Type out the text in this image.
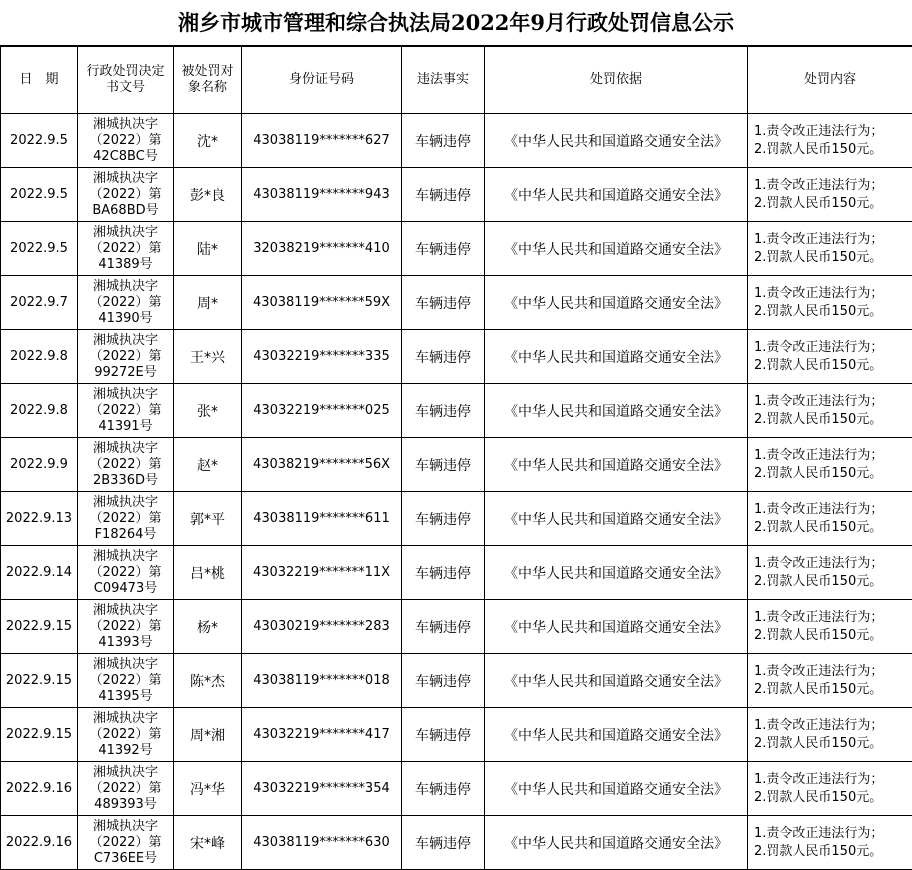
湘乡市城市管理和综合执法局2022年9月行政处罚信息公示
日　期	行政处罚决定书文号	被处罚对象名称	身份证号码	违法事实	处罚依据	处罚内容
2022.9.5	湘城执决字
（2022）第
42C8BC号	沈*	43038119*******627	车辆违停	《中华人民共和国道路交通安全法》	1.责令改正违法行为；
2.罚款人民币150元。

2022.9.5	湘城执决字
（2022）第
BA68BD号	彭*良	43038119*******943	车辆违停	《中华人民共和国道路交通安全法》	1.责令改正违法行为；
2.罚款人民币150元。

2022.9.5	湘城执决字
（2022）第
41389号	陆*	32038219*******410	车辆违停	《中华人民共和国道路交通安全法》	1.责令改正违法行为；
2.罚款人民币150元。

2022.9.7	湘城执决字
（2022）第
41390号	周*	43038119*******59X	车辆违停	《中华人民共和国道路交通安全法》	1.责令改正违法行为；
2.罚款人民币150元。

2022.9.8	湘城执决字
（2022）第
99272E号	王*兴	43032219*******335	车辆违停	《中华人民共和国道路交通安全法》	1.责令改正违法行为；
2.罚款人民币150元。

2022.9.8	湘城执决字
（2022）第
41391号	张*	43032219*******025	车辆违停	《中华人民共和国道路交通安全法》	1.责令改正违法行为；
2.罚款人民币150元。

2022.9.9	湘城执决字
（2022）第
2B336D号	赵*	43038219*******56X	车辆违停	《中华人民共和国道路交通安全法》	1.责令改正违法行为；
2.罚款人民币150元。

2022.9.13	湘城执决字
（2022）第
F18264号	郭*平	43038119*******611	车辆违停	《中华人民共和国道路交通安全法》	1.责令改正违法行为；
2.罚款人民币150元。

2022.9.14	湘城执决字
（2022）第
C09473号	吕*桃	43032219*******11X	车辆违停	《中华人民共和国道路交通安全法》	1.责令改正违法行为；
2.罚款人民币150元。

2022.9.15	湘城执决字
（2022）第
41393号	杨*	43030219*******283	车辆违停	《中华人民共和国道路交通安全法》	1.责令改正违法行为；
2.罚款人民币150元。

2022.9.15	湘城执决字
（2022）第
41395号	陈*杰	43038119*******018	车辆违停	《中华人民共和国道路交通安全法》	1.责令改正违法行为；
2.罚款人民币150元。

2022.9.15	湘城执决字
（2022）第
41392号	周*湘	43032219*******417	车辆违停	《中华人民共和国道路交通安全法》	1.责令改正违法行为；
2.罚款人民币150元。

2022.9.16	湘城执决字
（2022）第
489393号	冯*华	43032219*******354	车辆违停	《中华人民共和国道路交通安全法》	1.责令改正违法行为；
2.罚款人民币150元。

2022.9.16	湘城执决字
（2022）第
C736EE号	宋*峰	43038119*******630	车辆违停	《中华人民共和国道路交通安全法》	1.责令改正违法行为；
2.罚款人民币150元。
